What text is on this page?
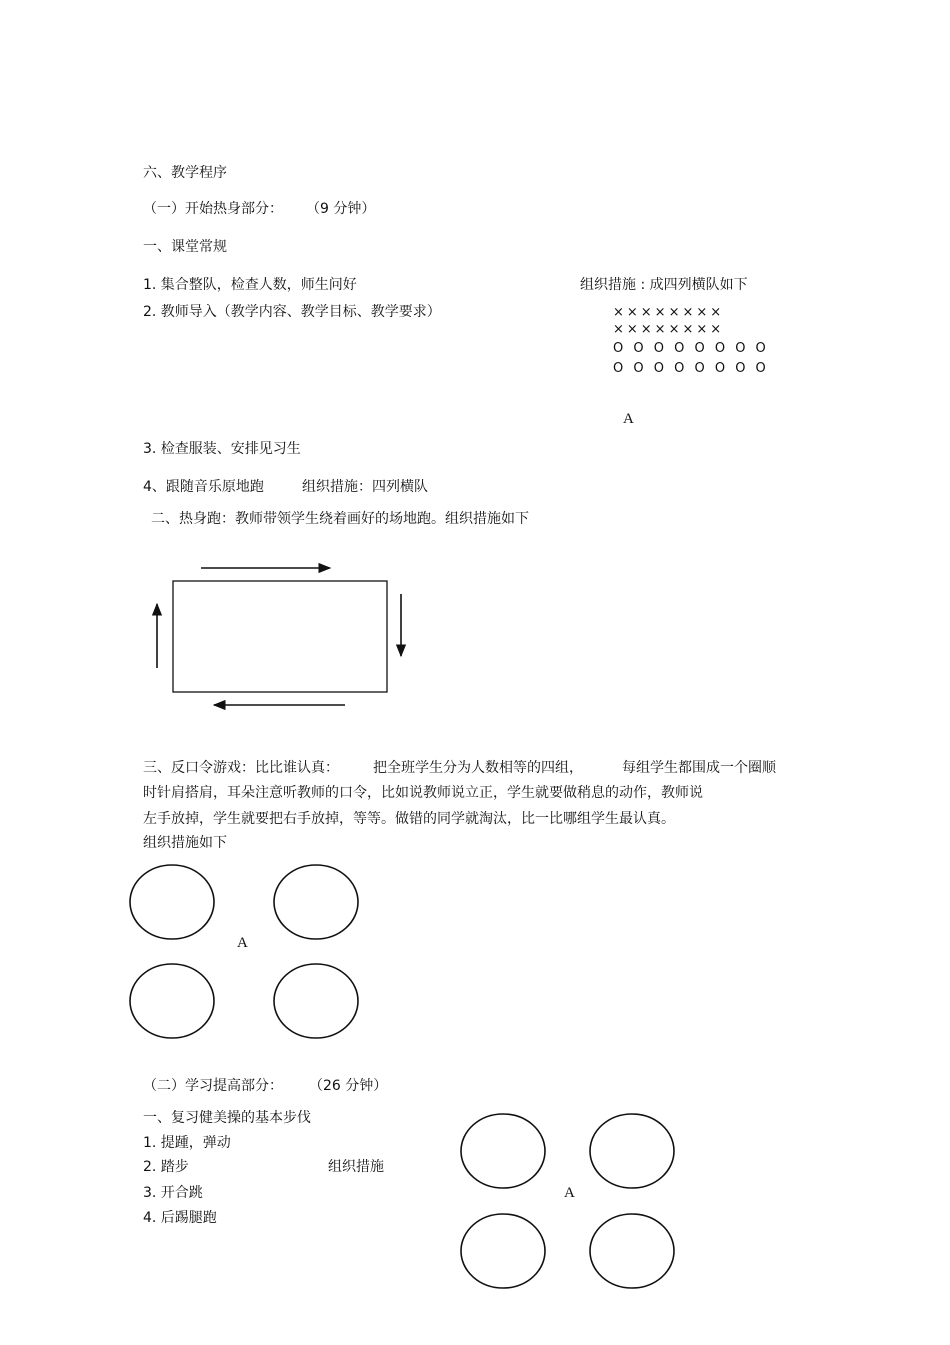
六、教学程序
（一）开始热身部分： （9 分钟）
一、课堂常规
1. 集合整队，检查人数，师生问好	组织措施 : 成四列横队如下
2. 教师导入（教学内容、教学目标、教学要求）	××××××××
××××××××
O O O O O O O O
O O O O O O O O
A
3. 检查服装、安排见习生
4、跟随音乐原地跑	组织措施：四列横队
二、热身跑：教师带领学生绕着画好的场地跑。组织措施如下
三、反口令游戏：比比谁认真： 把全班学生分为人数相等的四组，	每组学生都围成一个圈顺
时针肩搭肩，耳朵注意听教师的口令，比如说教师说立正，学生就要做稍息的动作，教师说
左手放掉，学生就要把右手放掉，等等。做错的同学就淘汰，比一比哪组学生最认真。
组织措施如下
A
（二）学习提高部分： （26 分钟）
一、复习健美操的基本步伐
1. 提踵，弹动
2. 踏步	组织措施
3. 开合跳
4. 后踢腿跑
A
